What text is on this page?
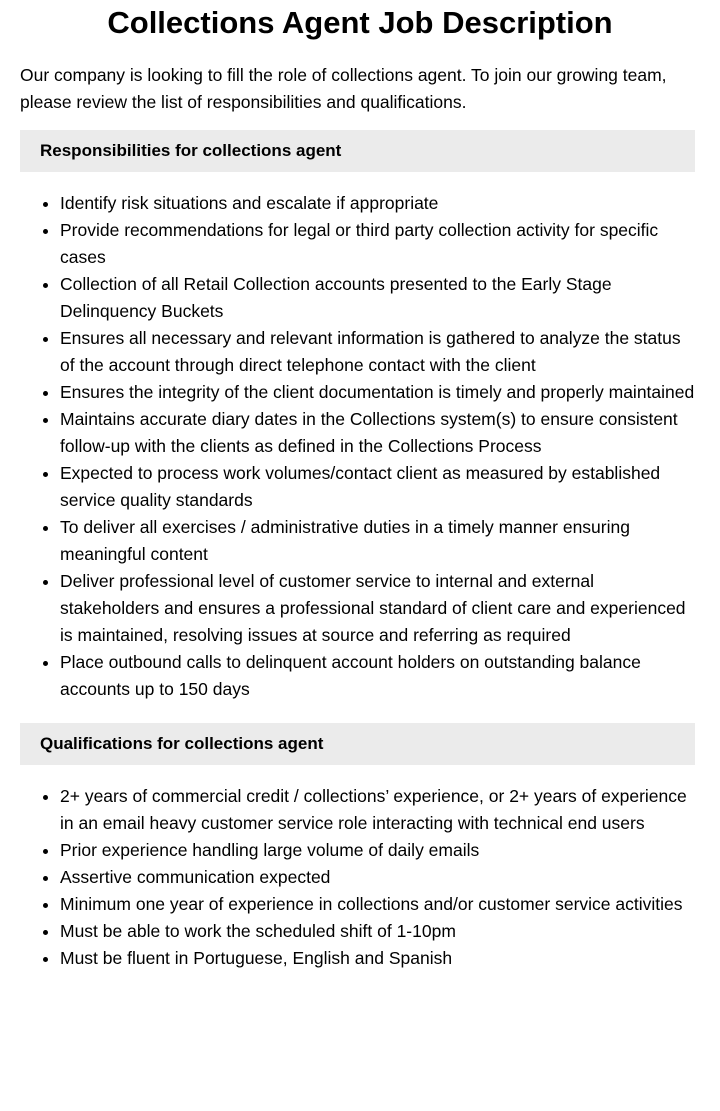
Collections Agent Job Description

Our company is looking to fill the role of collections agent. To join our growing team, please review the list of responsibilities and qualifications.

Responsibilities for collections agent
• Identify risk situations and escalate if appropriate
• Provide recommendations for legal or third party collection activity for specific cases
• Collection of all Retail Collection accounts presented to the Early Stage Delinquency Buckets
• Ensures all necessary and relevant information is gathered to analyze the status of the account through direct telephone contact with the client
• Ensures the integrity of the client documentation is timely and properly maintained
• Maintains accurate diary dates in the Collections system(s) to ensure consistent follow-up with the clients as defined in the Collections Process
• Expected to process work volumes/contact client as measured by established service quality standards
• To deliver all exercises / administrative duties in a timely manner ensuring meaningful content
• Deliver professional level of customer service to internal and external stakeholders and ensures a professional standard of client care and experienced is maintained, resolving issues at source and referring as required
• Place outbound calls to delinquent account holders on outstanding balance accounts up to 150 days
Qualifications for collections agent
• 2+ years of commercial credit / collections’ experience, or 2+ years of experience in an email heavy customer service role interacting with technical end users
• Prior experience handling large volume of daily emails
• Assertive communication expected
• Minimum one year of experience in collections and/or customer service activities
• Must be able to work the scheduled shift of 1-10pm
• Must be fluent in Portuguese, English and Spanish
